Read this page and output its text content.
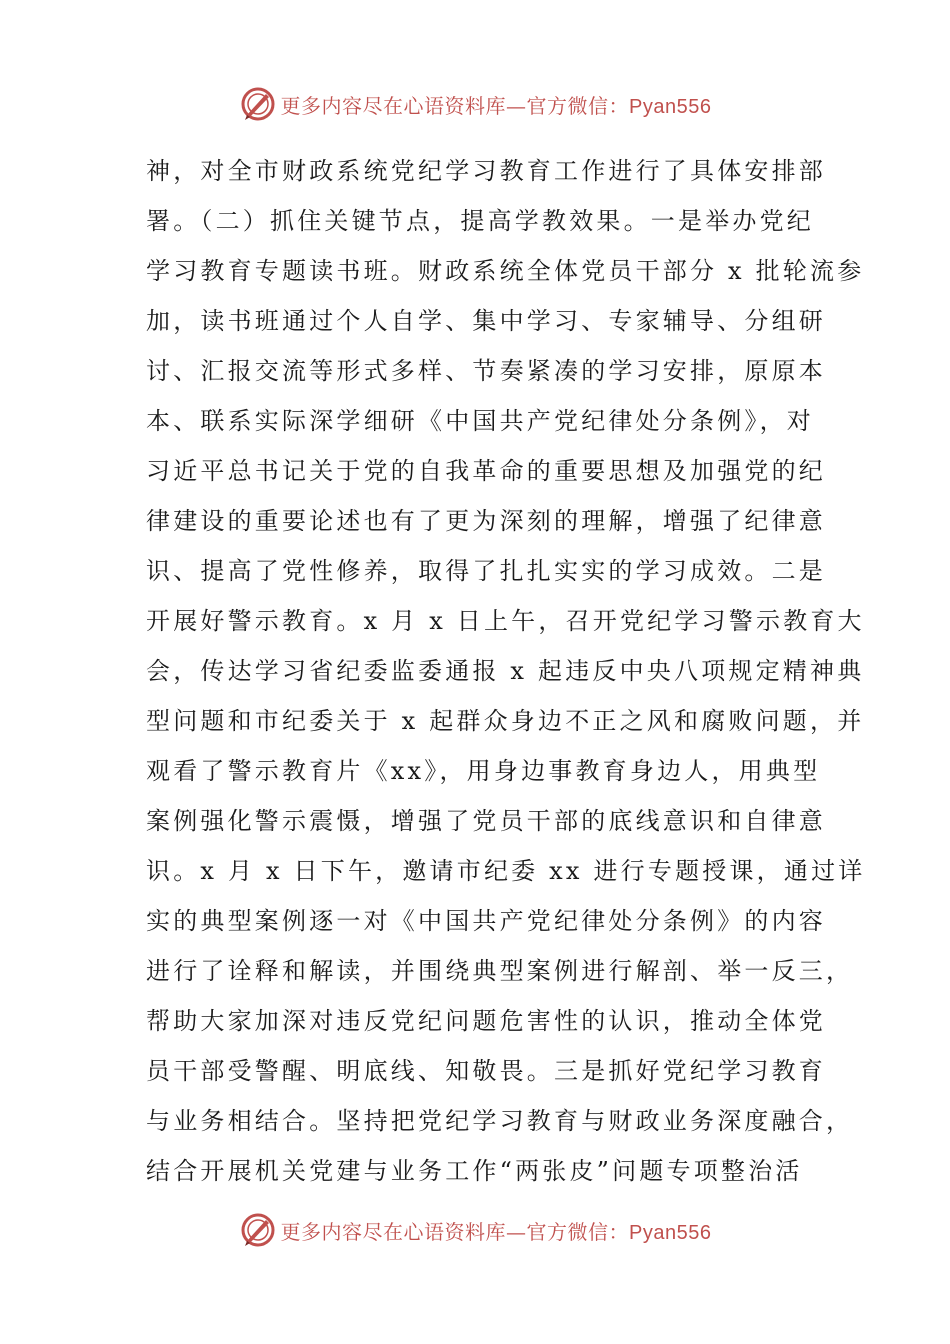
更多内容尽在心语资料库—官方微信：Pyan556
神，对全市财政系统党纪学习教育工作进行了具体安排部
署。（二）抓住关键节点，提高学教效果。一是举办党纪
学习教育专题读书班。财政系统全体党员干部分 x 批轮流参
加，读书班通过个人自学、集中学习、专家辅导、分组研
讨、汇报交流等形式多样、节奏紧凑的学习安排，原原本
本、联系实际深学细研《中国共产党纪律处分条例》，对
习近平总书记关于党的自我革命的重要思想及加强党的纪
律建设的重要论述也有了更为深刻的理解，增强了纪律意
识、提高了党性修养，取得了扎扎实实的学习成效。二是
开展好警示教育。x 月 x 日上午，召开党纪学习警示教育大
会，传达学习省纪委监委通报 x 起违反中央八项规定精神典
型问题和市纪委关于 x 起群众身边不正之风和腐败问题，并
观看了警示教育片《xx》，用身边事教育身边人，用典型
案例强化警示震慑，增强了党员干部的底线意识和自律意
识。x 月 x 日下午，邀请市纪委 xx 进行专题授课，通过详
实的典型案例逐一对《中国共产党纪律处分条例》的内容
进行了诠释和解读，并围绕典型案例进行解剖、举一反三，
帮助大家加深对违反党纪问题危害性的认识，推动全体党
员干部受警醒、明底线、知敬畏。三是抓好党纪学习教育
与业务相结合。坚持把党纪学习教育与财政业务深度融合，
结合开展机关党建与业务工作“两张皮”问题专项整治活
更多内容尽在心语资料库—官方微信：Pyan556
